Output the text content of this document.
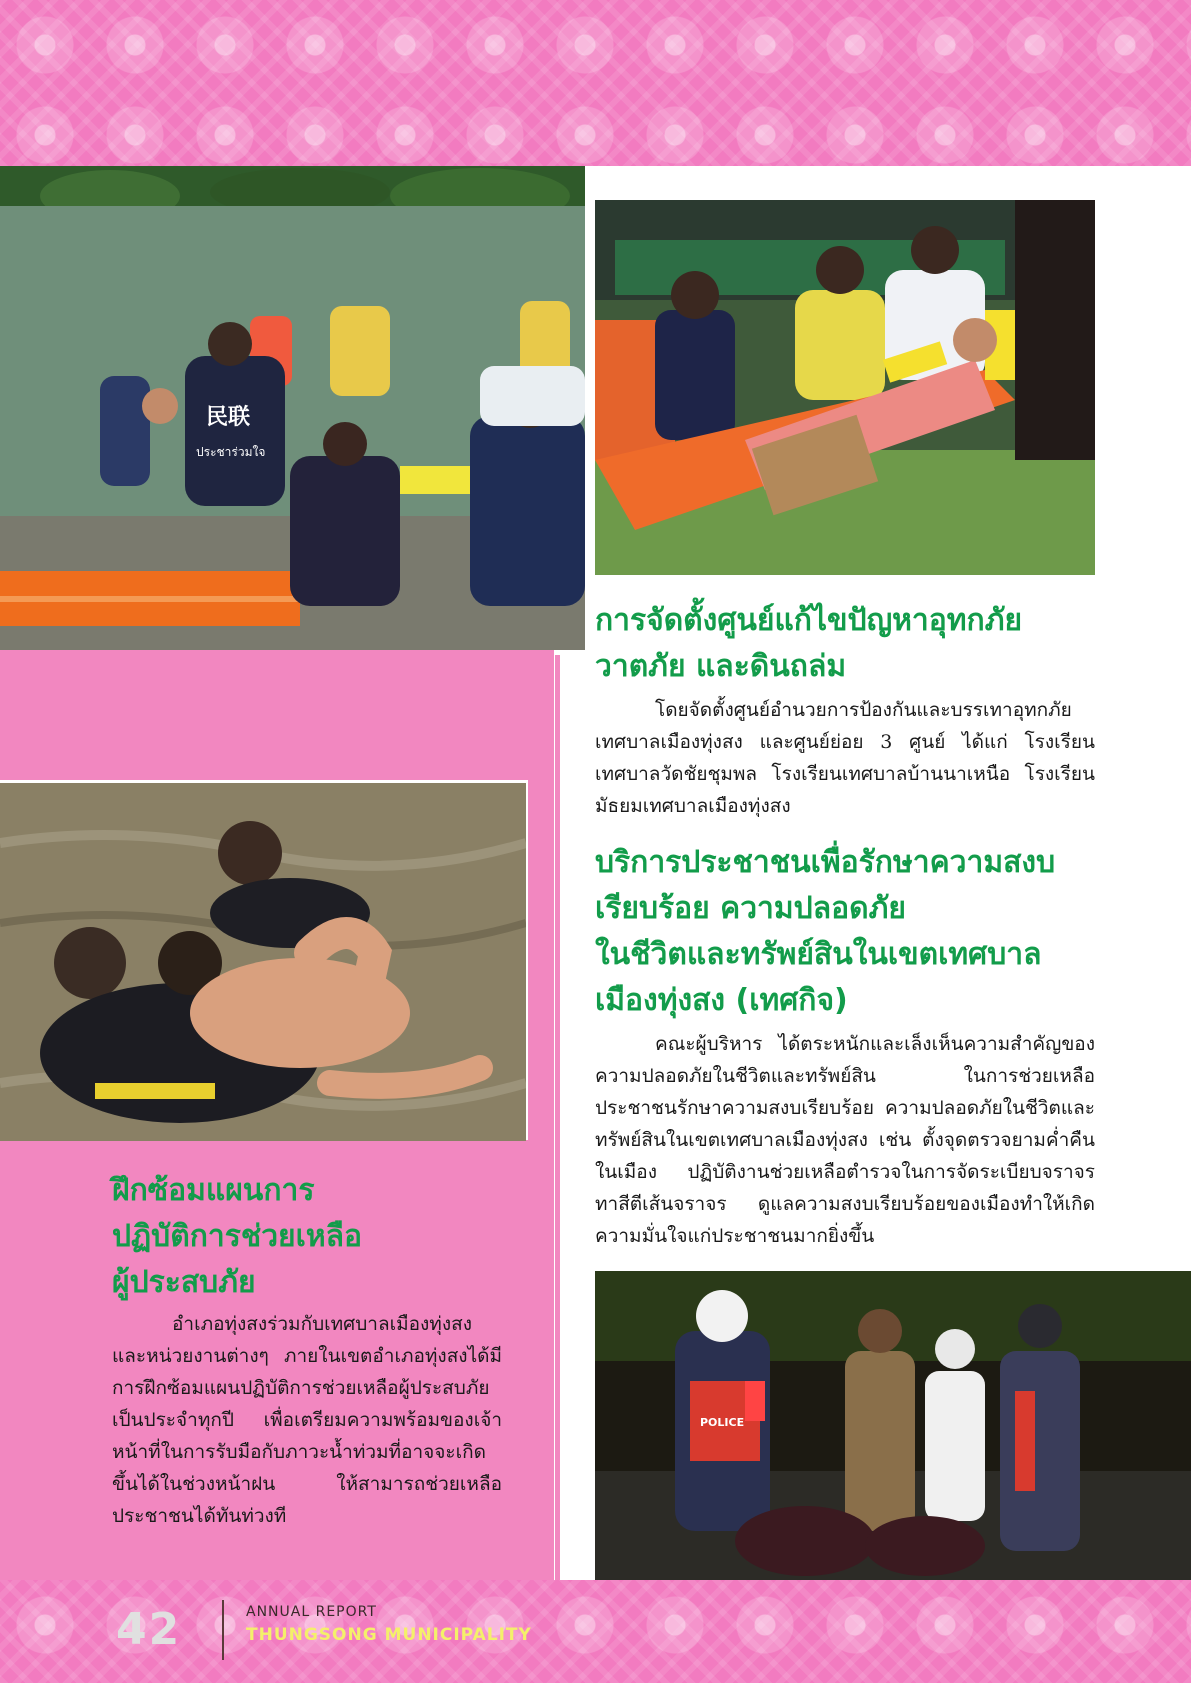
民联
ประชาร่วมใจ
POLICE

การจัดตั้งศูนย์แก้ไขปัญหาอุทกภัย

วาตภัย และดินถล่ม

โดยจัดตั้งศูนย์อำนวยการป้องกันและบรรเทาอุทกภัยเทศบาลเมืองทุ่งสง และศูนย์ย่อย 3 ศูนย์ ได้แก่ โรงเรียนเทศบาลวัดชัยชุมพล โรงเรียนเทศบาลบ้านนาเหนือ โรงเรียนมัธยมเทศบาลเมืองทุ่งสง

บริการประชาชนเพื่อรักษาความสงบ

เรียบร้อย ความปลอดภัย

ในชีวิตและทรัพย์สินในเขตเทศบาล

เมืองทุ่งสง (เทศกิจ)

คณะผู้บริหาร ได้ตระหนักและเล็งเห็นความสำคัญของความปลอดภัยในชีวิตและทรัพย์สิน ในการช่วยเหลือประชาชนรักษาความสงบเรียบร้อย ความปลอดภัยในชีวิตและทรัพย์สินในเขตเทศบาลเมืองทุ่งสง เช่น ตั้งจุดตรวจยามค่ำคืนในเมือง ปฏิบัติงานช่วยเหลือตำรวจในการจัดระเบียบจราจร ทาสีตีเส้นจราจร ดูแลความสงบเรียบร้อยของเมืองทำให้เกิดความมั่นใจแก่ประชาชนมากยิ่งขึ้น

ฝึกซ้อมแผนการ

ปฏิบัติการช่วยเหลือ

ผู้ประสบภัย

อำเภอทุ่งสงร่วมกับเทศบาลเมืองทุ่งสงและหน่วยงานต่างๆ ภายในเขตอำเภอทุ่งสงได้มีการฝึกซ้อมแผนปฏิบัติการช่วยเหลือผู้ประสบภัย เป็นประจำทุกปี เพื่อเตรียมความพร้อมของเจ้าหน้าที่ในการรับมือกับภาวะน้ำท่วมที่อาจจะเกิดขึ้นได้ในช่วงหน้าฝน ให้สามารถช่วยเหลือประชาชนได้ทันท่วงที

42	ANNUAL REPORT
THUNGSONG MUNICIPALITY
